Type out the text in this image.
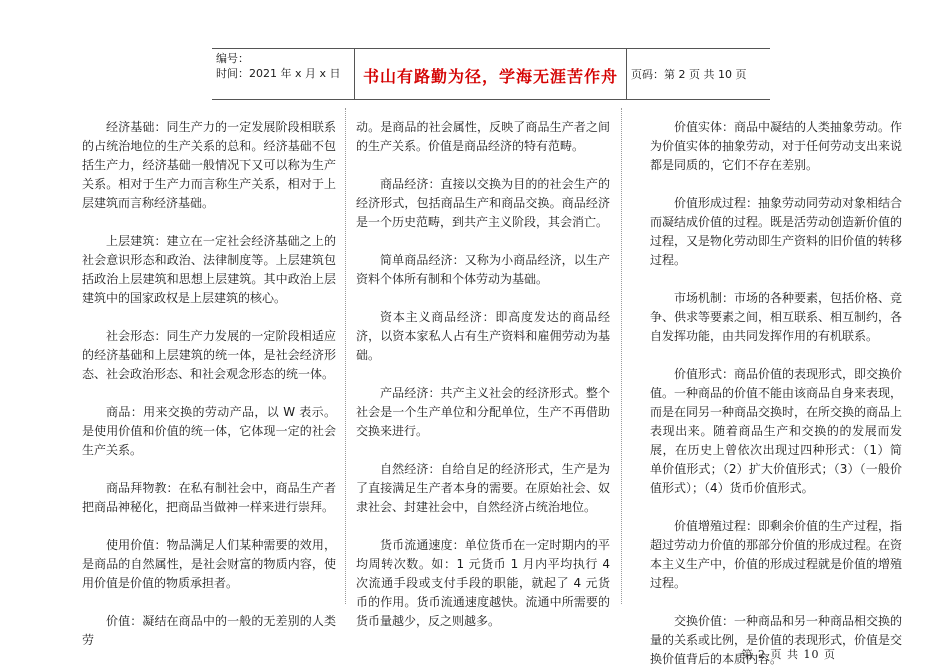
编号：
时间：2021 年 x 月 x 日	书山有路勤为径，学海无涯苦作舟	页码：第 2 页 共 10 页

经济基础：同生产力的一定发展阶段相联系的占统治地位的生产关系的总和。经济基础不包括生产力，经济基础一般情况下又可以称为生产关系。相对于生产力而言称生产关系，相对于上层建筑而言称经济基础。

上层建筑：建立在一定社会经济基础之上的社会意识形态和政治、法律制度等。上层建筑包括政治上层建筑和思想上层建筑。其中政治上层建筑中的国家政权是上层建筑的核心。

社会形态：同生产力发展的一定阶段相适应的经济基础和上层建筑的统一体，是社会经济形态、社会政治形态、和社会观念形态的统一体。

商品：用来交换的劳动产品，以 W 表示。是使用价值和价值的统一体，它体现一定的社会生产关系。

商品拜物教：在私有制社会中，商品生产者把商品神秘化，把商品当做神一样来进行崇拜。

使用价值：物品满足人们某种需要的效用，是商品的自然属性，是社会财富的物质内容，使用价值是价值的物质承担者。

价值：凝结在商品中的一般的无差别的人类劳

动。是商品的社会属性，反映了商品生产者之间的生产关系。价值是商品经济的特有范畴。

商品经济：直接以交换为目的的社会生产的经济形式，包括商品生产和商品交换。商品经济是一个历史范畴，到共产主义阶段，其会消亡。

简单商品经济：又称为小商品经济，以生产资料个体所有制和个体劳动为基础。

资本主义商品经济：即高度发达的商品经济，以资本家私人占有生产资料和雇佣劳动为基础。

产品经济：共产主义社会的经济形式。整个社会是一个生产单位和分配单位，生产不再借助交换来进行。

自然经济：自给自足的经济形式，生产是为了直接满足生产者本身的需要。在原始社会、奴隶社会、封建社会中，自然经济占统治地位。

货币流通速度：单位货币在一定时期内的平均周转次数。如：1 元货币 1 月内平均执行 4 次流通手段或支付手段的职能，就起了 4 元货币的作用。货币流通速度越快。流通中所需要的货币量越少，反之则越多。

价值实体：商品中凝结的人类抽象劳动。作为价值实体的抽象劳动，对于任何劳动支出来说都是同质的，它们不存在差别。

价值形成过程：抽象劳动同劳动对象相结合而凝结成价值的过程。既是活劳动创造新价值的过程，又是物化劳动即生产资料的旧价值的转移过程。

市场机制：市场的各种要素，包括价格、竞争、供求等要素之间，相互联系、相互制约，各自发挥功能，由共同发挥作用的有机联系。

价值形式：商品价值的表现形式，即交换价值。一种商品的价值不能由该商品自身来表现，而是在同另一种商品交换时，在所交换的商品上表现出来。随着商品生产和交换的的发展而发展，在历史上曾依次出现过四种形式：（1）简单价值形式；（2）扩大价值形式；（3）（一般价值形式）；（4）货币价值形式。

价值增殖过程：即剩余价值的生产过程，指超过劳动力价值的那部分价值的形成过程。在资本主义生产中，价值的形成过程就是价值的增殖过程。

交换价值：一种商品和另一种商品相交换的量的关系或比例，是价值的表现形式，价值是交换价值背后的本质内容。

第 2 页 共 10 页
